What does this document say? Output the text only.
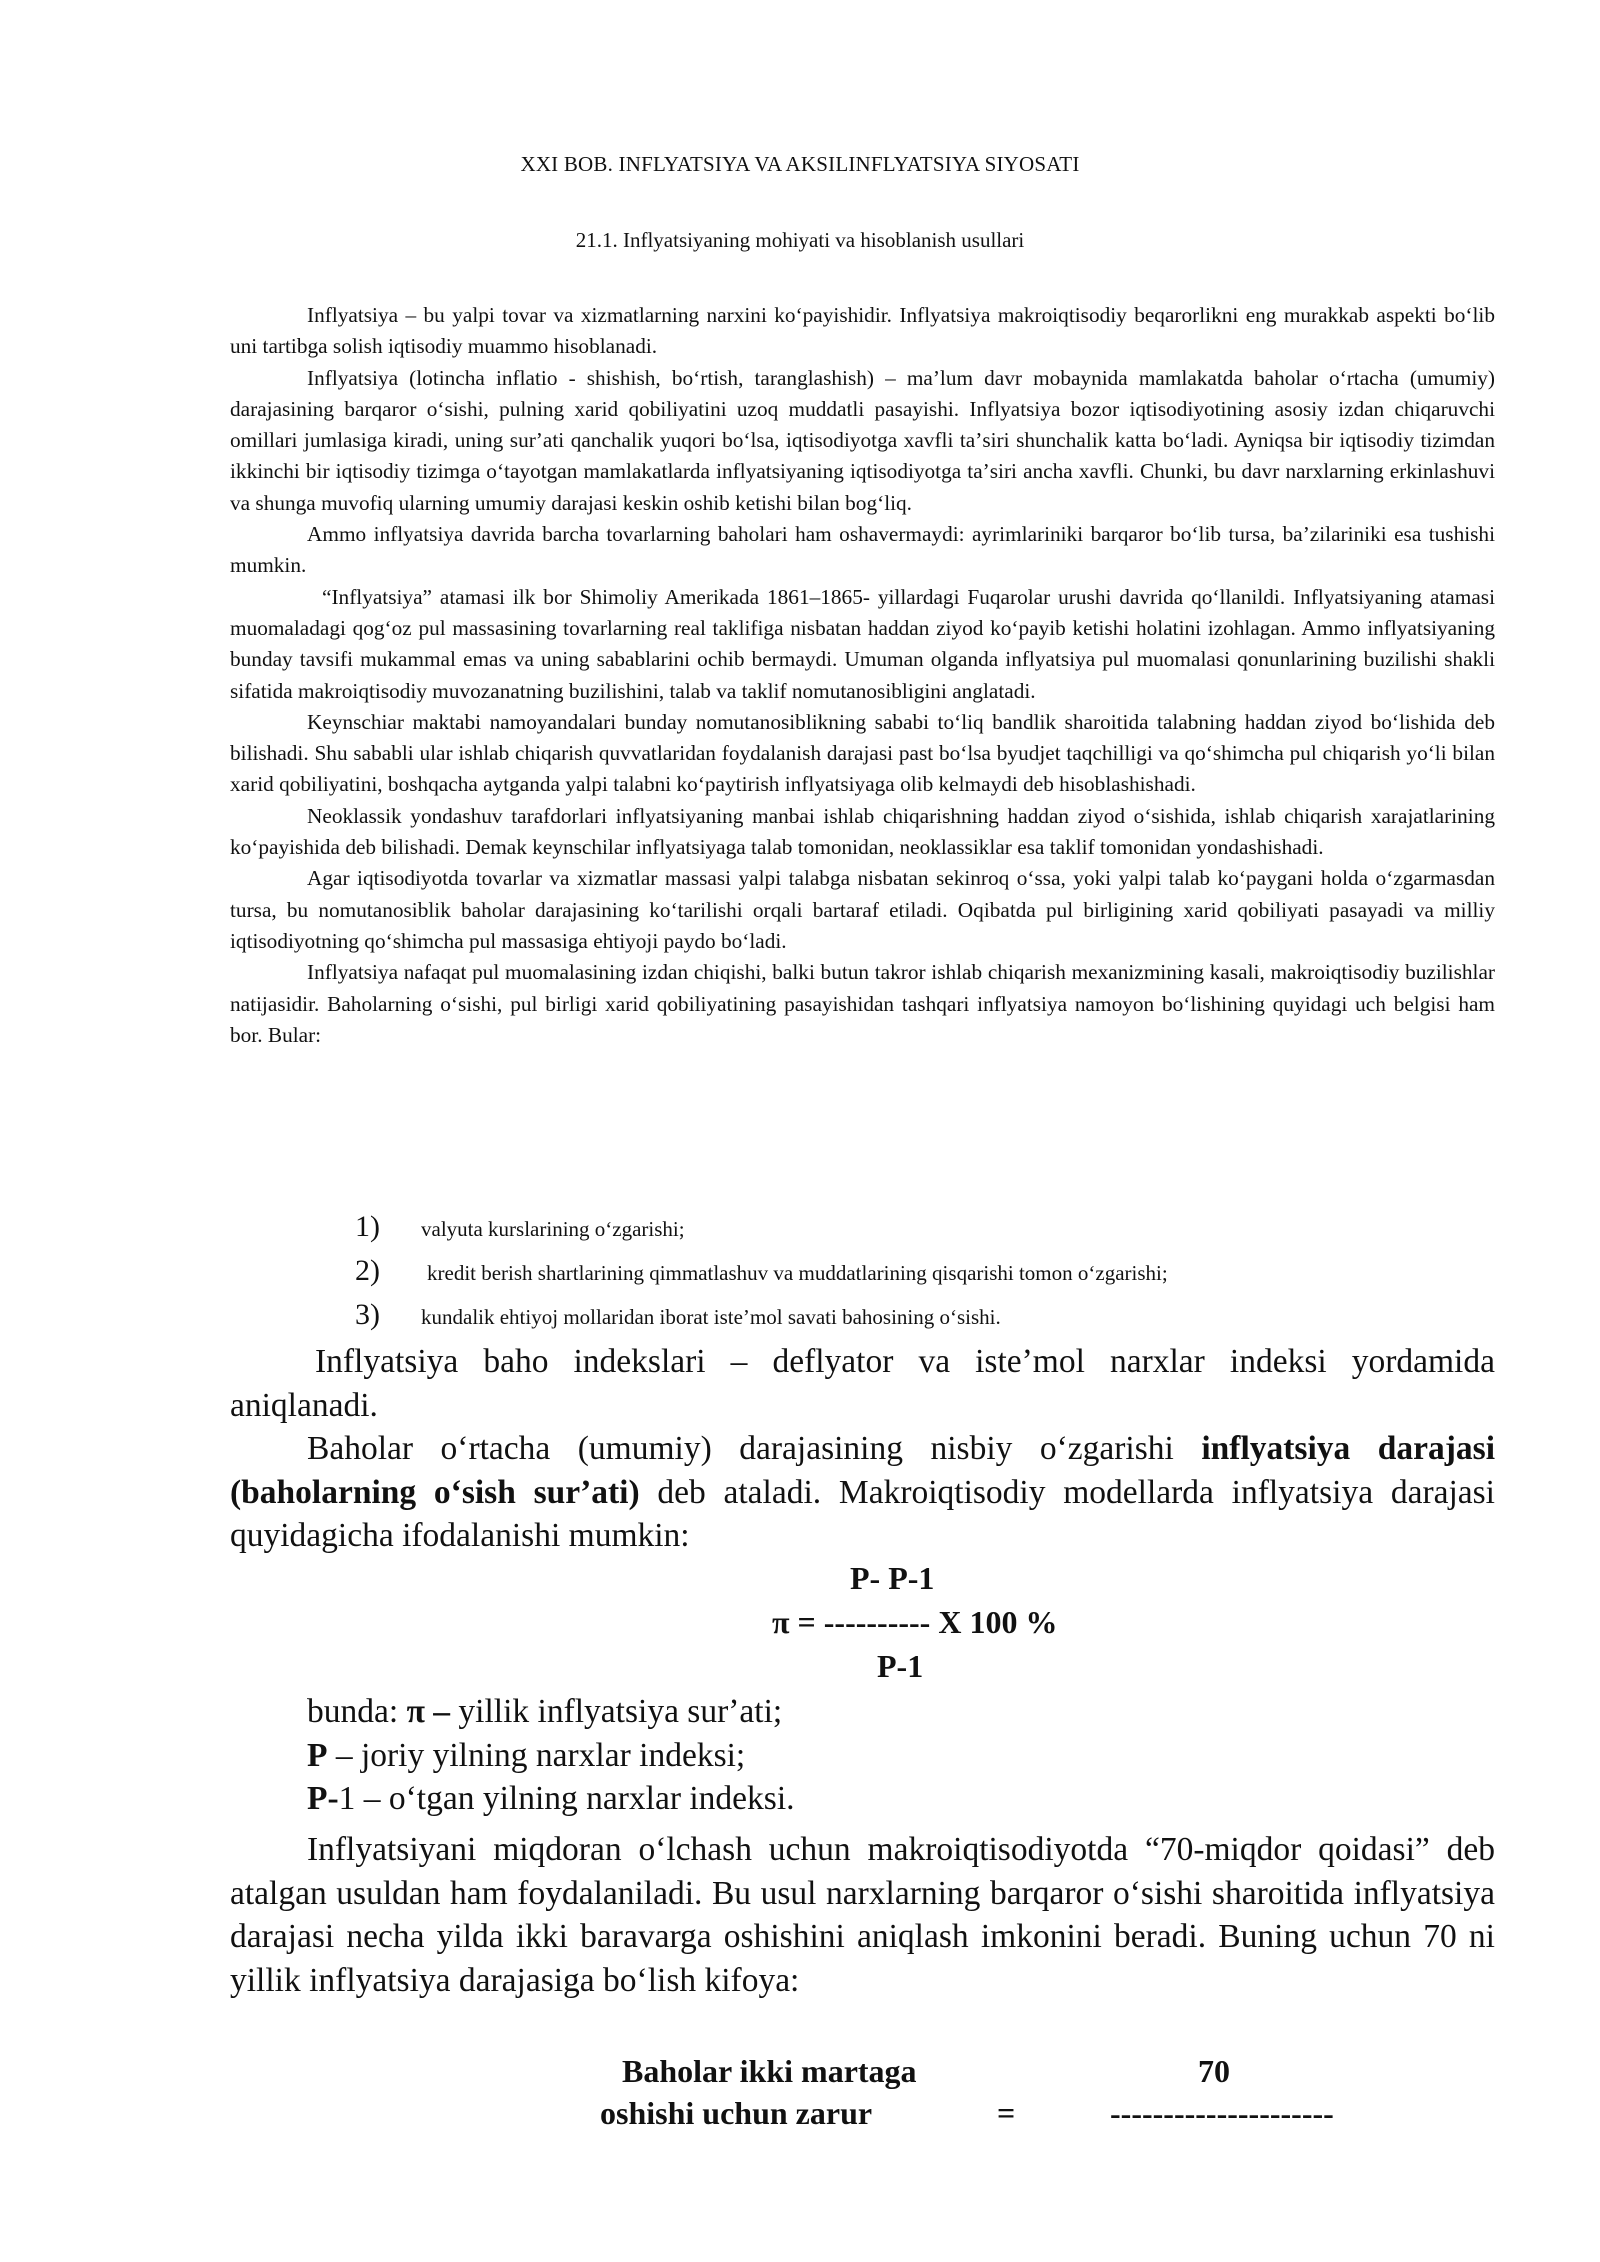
XXI BOB. INFLYATSIYA VA AKSILINFLYATSIYA SIYOSATI
21.1. Inflyatsiyaning mohiyati va hisoblanish usullari

Inflyatsiya – bu yalpi tovar va xizmatlarning narxini koʻpayishidir. Inflyatsiya makroiqtisodiy beqarorlikni eng murakkab aspekti boʻlib uni tartibga solish iqtisodiy muammo hisoblanadi.

Inflyatsiya (lotincha inflatio - shishish, boʻrtish, taranglashish) – maʼlum davr mobaynida mamlakatda baholar oʻrtacha (umumiy) darajasining barqaror oʻsishi, pulning xarid qobiliyatini uzoq muddatli pasayishi. Inflyatsiya bozor iqtisodiyotining asosiy izdan chiqaruvchi omillari jumlasiga kiradi, uning surʼati qanchalik yuqori boʻlsa, iqtisodiyotga xavfli taʼsiri shunchalik katta boʻladi. Ayniqsa bir iqtisodiy tizimdan ikkinchi bir iqtisodiy tizimga oʻtayotgan mamlakatlarda inflyatsiyaning iqtisodiyotga taʼsiri ancha xavfli. Chunki, bu davr narxlarning erkinlashuvi va shunga muvofiq ularning umumiy darajasi keskin oshib ketishi bilan bogʻliq.

Ammo inflyatsiya davrida barcha tovarlarning baholari ham oshavermaydi: ayrimlariniki barqaror boʻlib tursa, baʼzilariniki esa tushishi mumkin.

“Inflyatsiya” atamasi ilk bor Shimoliy Amerikada 1861–1865- yillardagi Fuqarolar urushi davrida qoʻllanildi. Inflyatsiyaning atamasi muomaladagi qogʻoz pul massasining tovarlarning real taklifiga nisbatan haddan ziyod koʻpayib ketishi holatini izohlagan. Ammo inflyatsiyaning bunday tavsifi mukammal emas va uning sabablarini ochib bermaydi. Umuman olganda inflyatsiya pul muomalasi qonunlarining buzilishi shakli sifatida makroiqtisodiy muvozanatning buzilishini, talab va taklif nomutanosibligini anglatadi.

Keynschiar maktabi namoyandalari bunday nomutanosiblikning sababi toʻliq bandlik sharoitida talabning haddan ziyod boʻlishida deb bilishadi. Shu sababli ular ishlab chiqarish quvvatlaridan foydalanish darajasi past boʻlsa byudjet taqchilligi va qoʻshimcha pul chiqarish yoʻli bilan xarid qobiliyatini, boshqacha aytganda yalpi talabni koʻpaytirish inflyatsiyaga olib kelmaydi deb hisoblashishadi.

Neoklassik yondashuv tarafdorlari inflyatsiyaning manbai ishlab chiqarishning haddan ziyod oʻsishida, ishlab chiqarish xarajatlarining koʻpayishida deb bilishadi. Demak keynschilar inflyatsiyaga talab tomonidan, neoklassiklar esa taklif tomonidan yondashishadi.

Agar iqtisodiyotda tovarlar va xizmatlar massasi yalpi talabga nisbatan sekinroq oʻssa, yoki yalpi talab koʻpaygani holda oʻzgarmasdan tursa, bu nomutanosiblik baholar darajasining koʻtarilishi orqali bartaraf etiladi. Oqibatda pul birligining xarid qobiliyati pasayadi va milliy iqtisodiyotning qoʻshimcha pul massasiga ehtiyoji paydo boʻladi.

Inflyatsiya nafaqat pul muomalasining izdan chiqishi, balki butun takror ishlab chiqarish mexanizmining kasali, makroiqtisodiy buzilishlar natijasidir. Baholarning oʻsishi, pul birligi xarid qobiliyatining pasayishidan tashqari inflyatsiya namoyon boʻlishining quyidagi uch belgisi ham bor. Bular:

1) valyuta kurslarining oʻzgarishi;
2) kredit berish shartlarining qimmatlashuv va muddatlarining qisqarishi tomon oʻzgarishi;
3) kundalik ehtiyoj mollaridan iborat isteʼmol savati bahosining oʻsishi.

Inflyatsiya baho indekslari – deflyator va isteʼmol narxlar indeksi yordamida aniqlanadi.

Baholar oʻrtacha (umumiy) darajasining nisbiy oʻzgarishi inflyatsiya darajasi (baholarning oʻsish surʼati) deb ataladi. Makroiqtisodiy modellarda inflyatsiya darajasi quyidagicha ifodalanishi mumkin:

P- P-1
π = ---------- X 100 %
P-1
bunda: π – yillik inflyatsiya surʼati;
P – joriy yilning narxlar indeksi;
P-1 – oʻtgan yilning narxlar indeksi.

Inflyatsiyani miqdoran oʻlchash uchun makroiqtisodiyotda “70-miqdor qoidasi” deb atalgan usuldan ham foydalaniladi. Bu usul narxlarning barqaror oʻsishi sharoitida inflyatsiya darajasi necha yilda ikki baravarga oshishini aniqlash imkonini beradi. Buning uchun 70 ni yillik inflyatsiya darajasiga boʻlish kifoya:

Baholar ikki martaga	70
oshishi uchun zarur	=	---------------------
